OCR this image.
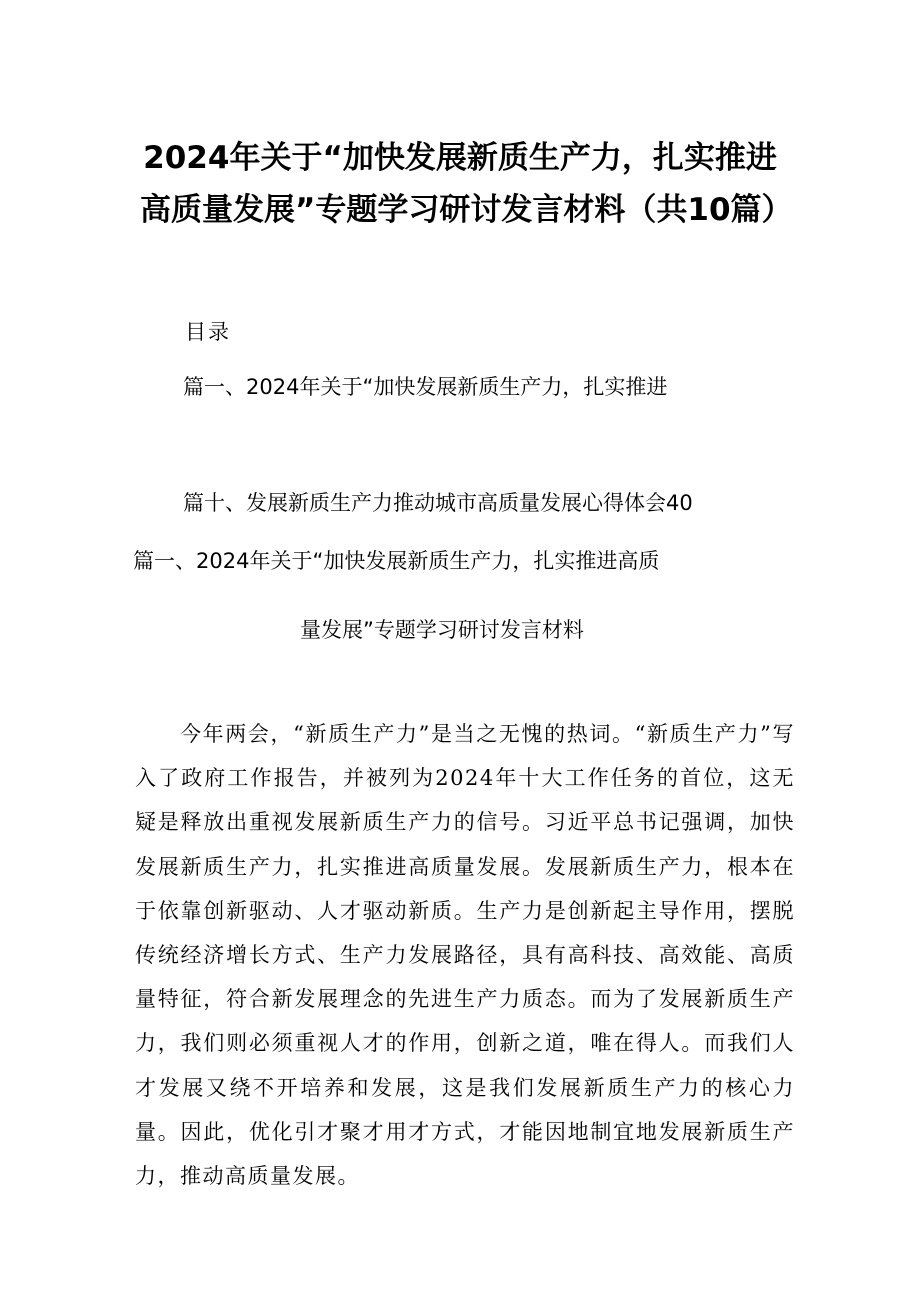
2024年关于“加快发展新质生产力，扎实推进高质量发展”专题学习研讨发言材料（共10篇）
目录
篇一、2024年关于“加快发展新质生产力，扎实推进
篇十、发展新质生产力推动城市高质量发展心得体会40
篇一、2024年关于“加快发展新质生产力，扎实推进高质
量发展”专题学习研讨发言材料

今年两会，“新质生产力”是当之无愧的热词。“新质生产力”写入了政府工作报告，并被列为2024年十大工作任务的首位，这无疑是释放出重视发展新质生产力的信号。习近平总书记强调，加快发展新质生产力，扎实推进高质量发展。发展新质生产力，根本在于依靠创新驱动、人才驱动新质。生产力是创新起主导作用，摆脱传统经济增长方式、生产力发展路径，具有高科技、高效能、高质量特征，符合新发展理念的先进生产力质态。而为了发展新质生产力，我们则必须重视人才的作用，创新之道，唯在得人。而我们人才发展又绕不开培养和发展，这是我们发展新质生产力的核心力量。因此，优化引才聚才用才方式，才能因地制宜地发展新质生产力，推动高质量发展。
